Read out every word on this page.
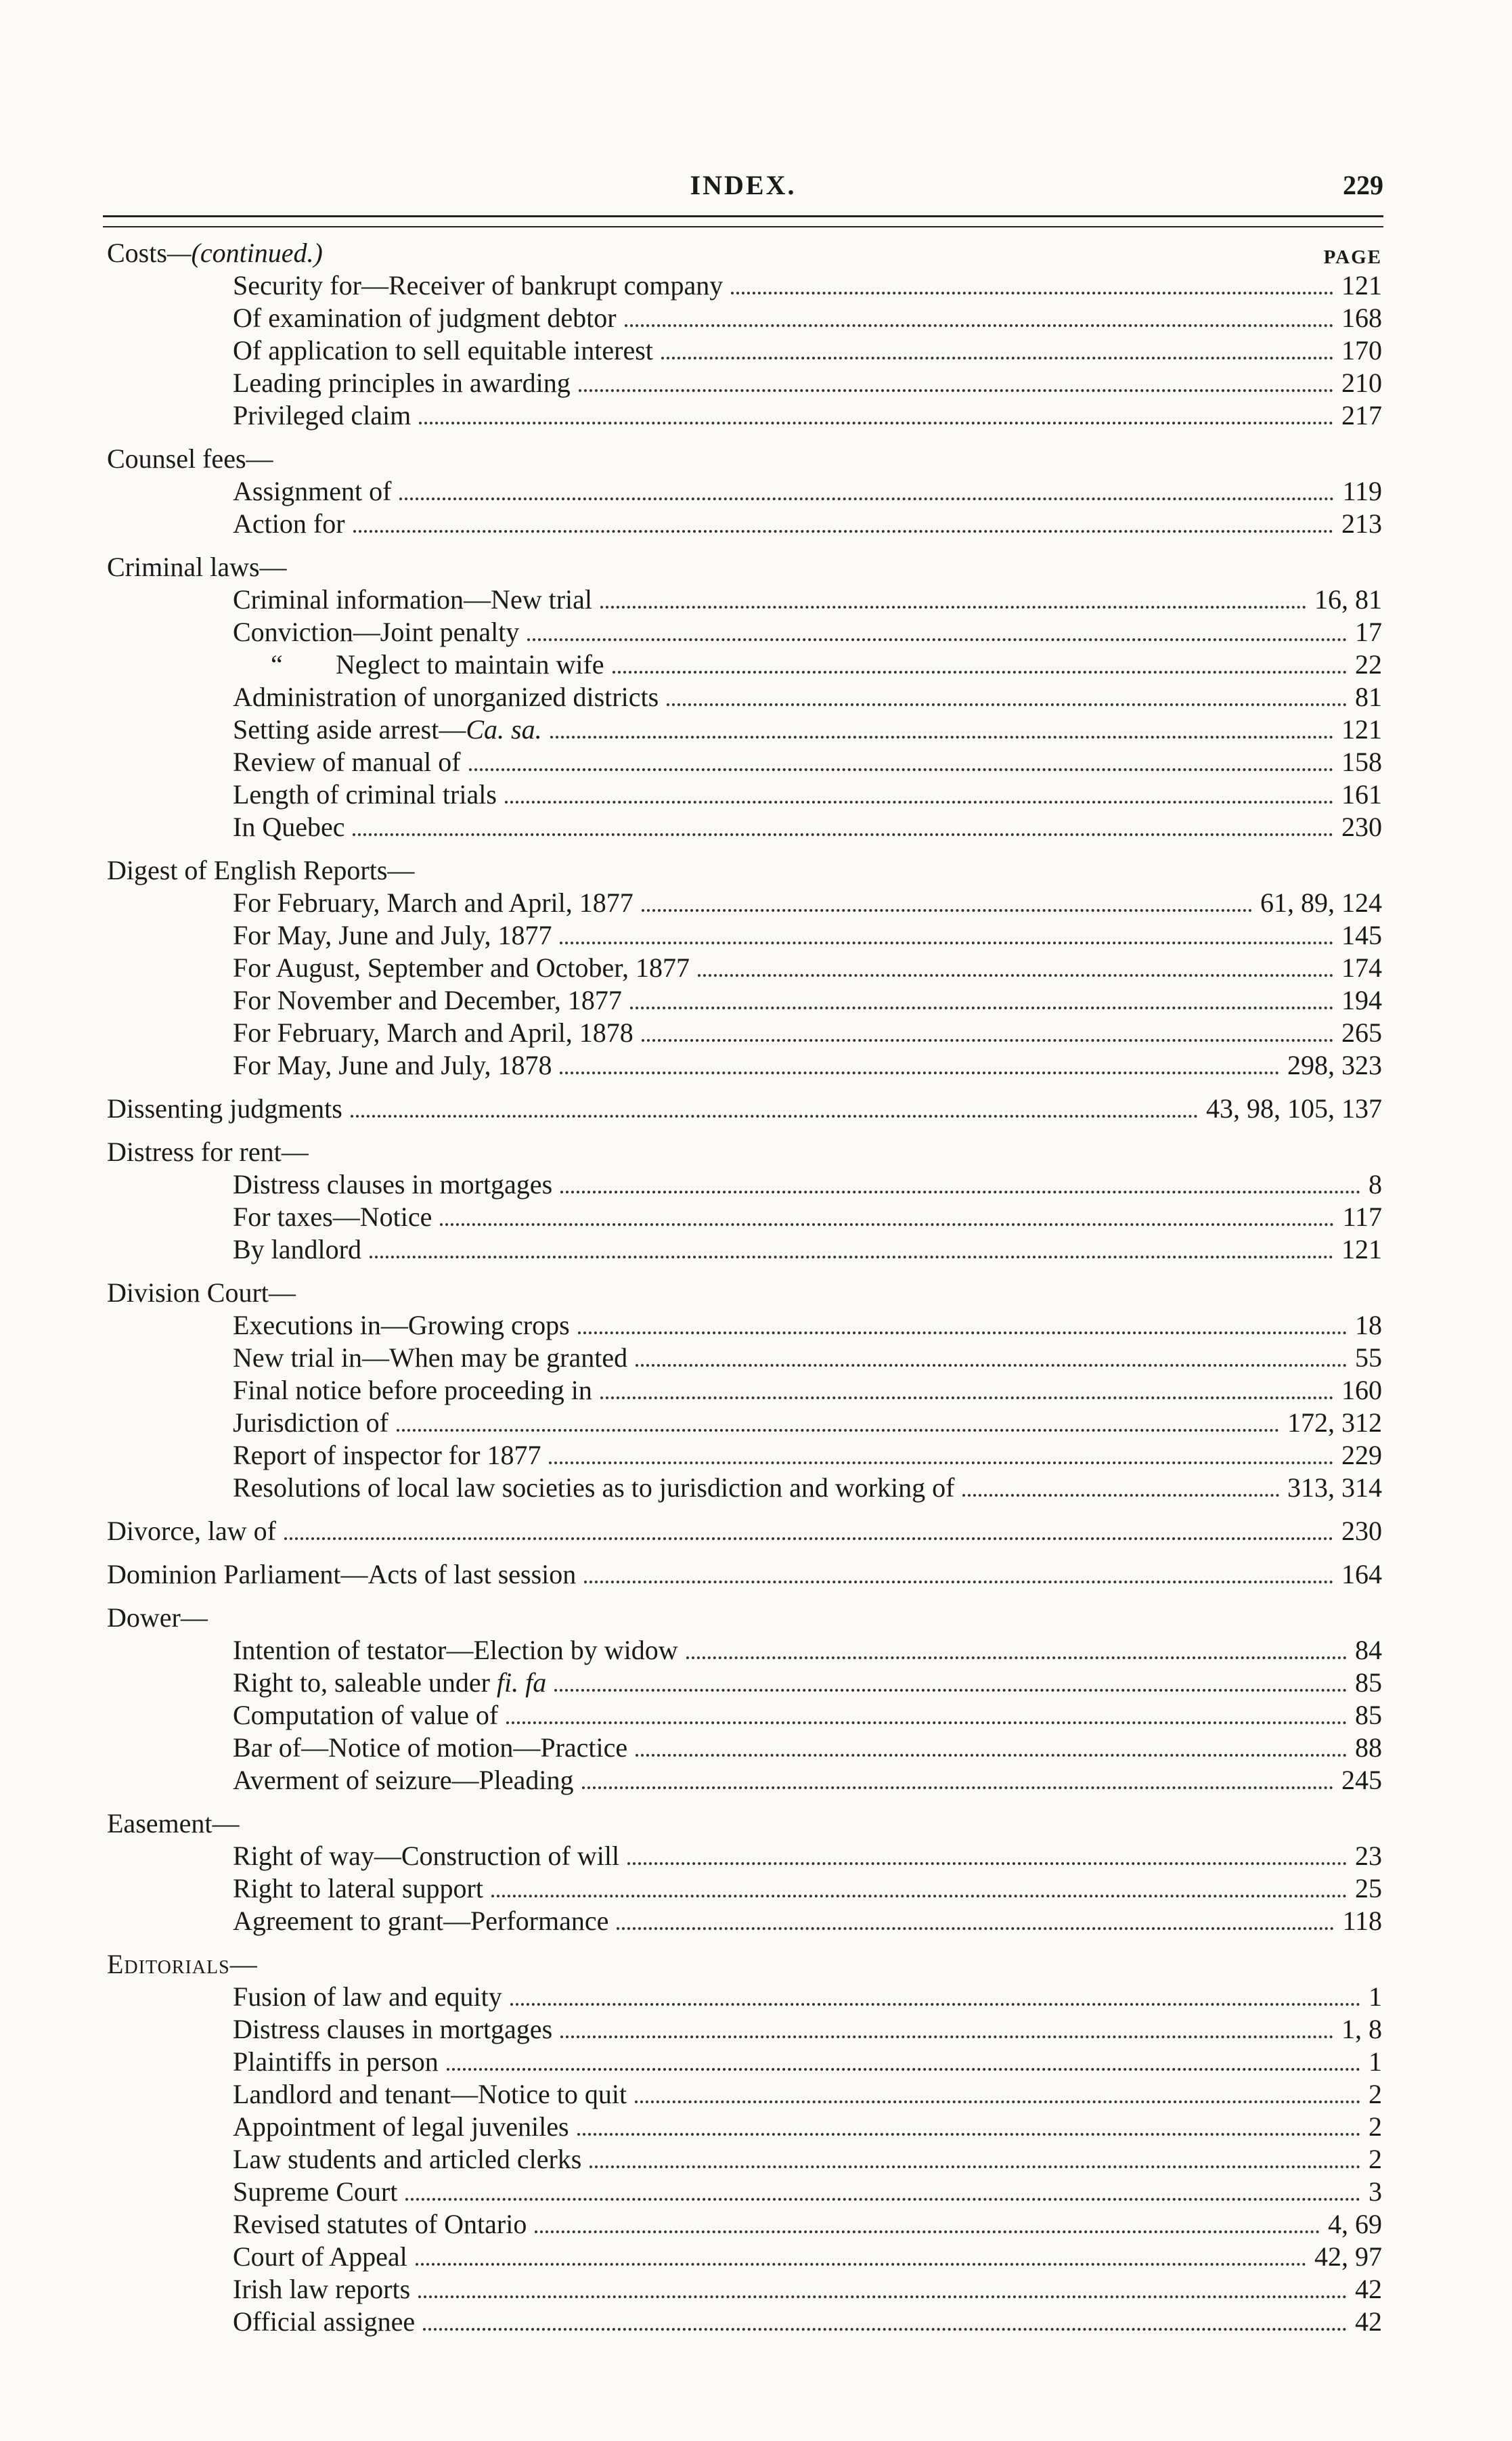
INDEX.	229
Costs—(continued.)	PAGE
Security for—Receiver of bankrupt company	121
Of examination of judgment debtor	168
Of application to sell equitable interest	170
Leading principles in awarding	210
Privileged claim	217
Counsel fees—
Assignment of	119
Action for	213
Criminal laws—
Criminal information—New trial	16, 81
Conviction—Joint penalty	17
“ Neglect to maintain wife	22
Administration of unorganized districts	81
Setting aside arrest—Ca. sa.	121
Review of manual of	158
Length of criminal trials	161
In Quebec	230
Digest of English Reports—
For February, March and April, 1877	61, 89, 124
For May, June and July, 1877	145
For August, September and October, 1877	174
For November and December, 1877	194
For February, March and April, 1878	265
For May, June and July, 1878	298, 323
Dissenting judgments	43, 98, 105, 137
Distress for rent—
Distress clauses in mortgages	8
For taxes—Notice	117
By landlord	121
Division Court—
Executions in—Growing crops	18
New trial in—When may be granted	55
Final notice before proceeding in	160
Jurisdiction of	172, 312
Report of inspector for 1877	229
Resolutions of local law societies as to jurisdiction and working of	313, 314
Divorce, law of	230
Dominion Parliament—Acts of last session	164
Dower—
Intention of testator—Election by widow	84
Right to, saleable under fi. fa	85
Computation of value of	85
Bar of—Notice of motion—Practice	88
Averment of seizure—Pleading	245
Easement—
Right of way—Construction of will	23
Right to lateral support	25
Agreement to grant—Performance	118
Editorials—
Fusion of law and equity	1
Distress clauses in mortgages	1, 8
Plaintiffs in person	1
Landlord and tenant—Notice to quit	2
Appointment of legal juveniles	2
Law students and articled clerks	2
Supreme Court	3
Revised statutes of Ontario	4, 69
Court of Appeal	42, 97
Irish law reports	42
Official assignee	42
